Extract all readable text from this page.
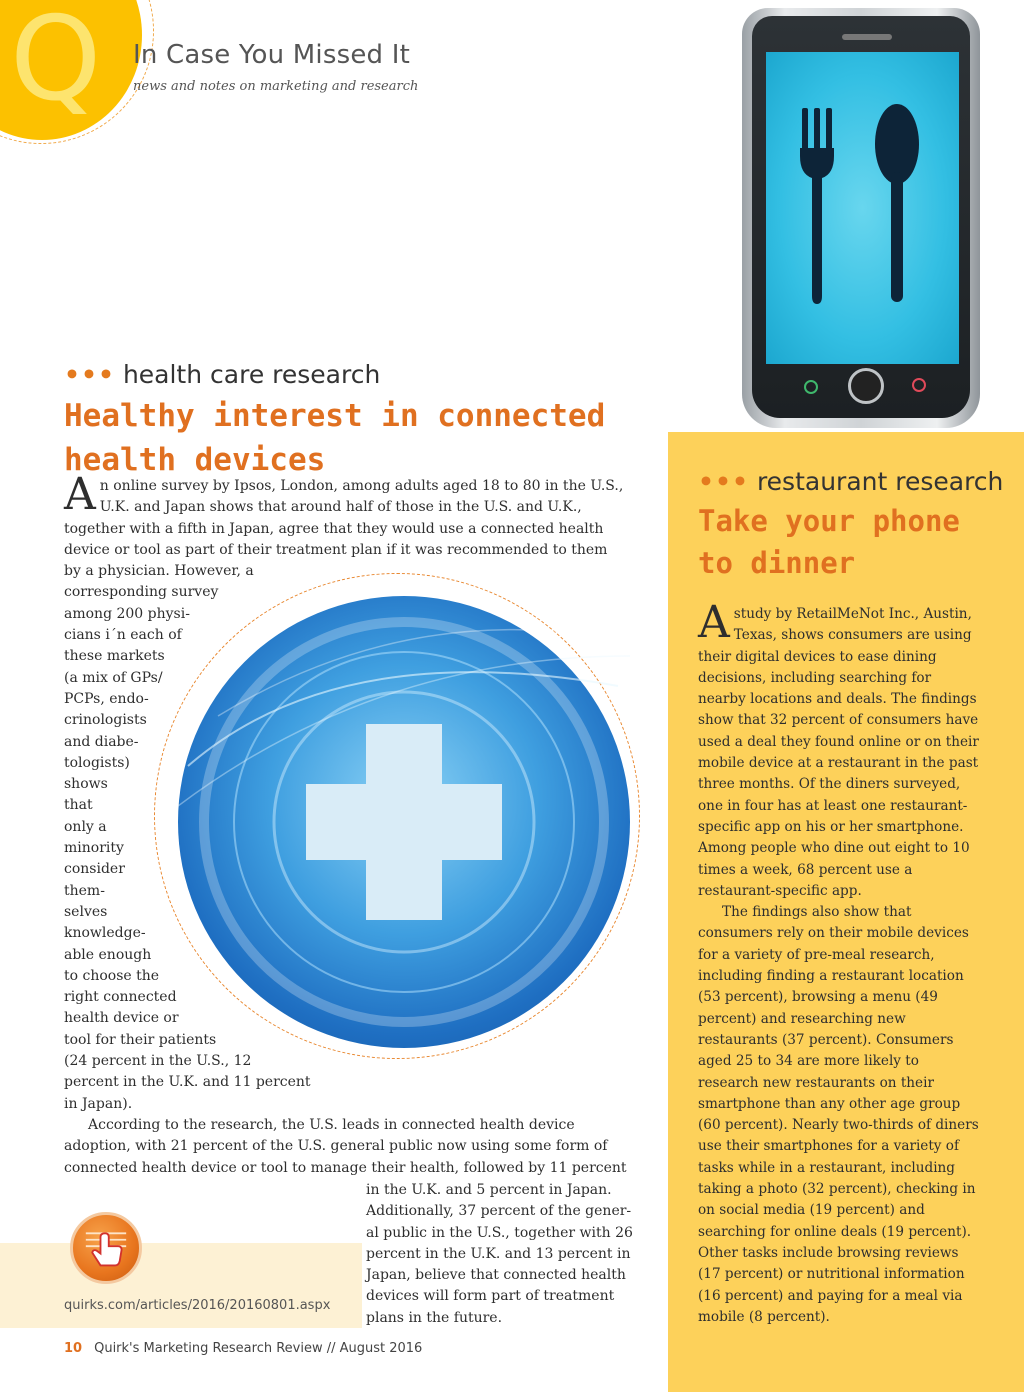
Q In Case You Missed It
news and notes on marketing and research
••• health care research
Healthy interest in connected
health devices
A n online survey by Ipsos, London, among adults aged 18 to 80 in the U.S.,
U.K. and Japan shows that around half of those in the U.S. and U.K.,
together with a fifth in Japan, agree that they would use a connected health
device or tool as part of their treatment plan if it was recommended to them
by a physician. However, a
corresponding survey
among 200 physi-
cians i´n each of
these markets
(a mix of GPs/
PCPs, endo-
crinologists
and diabe-
tologists)
shows
that
only a
minority
consider
them-
selves
knowledge-
able enough
to choose the
right connected
health device or
tool for their patients
(24 percent in the U.S., 12
percent in the U.K. and 11 percent
in Japan).
According to the research, the U.S. leads in connected health device
adoption, with 21 percent of the U.S. general public now using some form of
connected health device or tool to manage their health, followed by 11 percent
in the U.K. and 5 percent in Japan.
Additionally, 37 percent of the gener-
al public in the U.S., together with 26
percent in the U.K. and 13 percent in
Japan, believe that connected health
devices will form part of treatment
plans in the future.
quirks.com/articles/2016/20160801.aspx
••• restaurant research
Take your phone
to dinner

A study by RetailMeNot Inc., Austin, Texas, shows consumers are using their digital devices to ease dining decisions, including searching for nearby locations and deals. The findings show that 32 percent of consumers have used a deal they found online or on their mobile device at a restaurant in the past three months. Of the diners surveyed, one in four has at least one restaurant-specific app on his or her smartphone. Among people who dine out eight to 10 times a week, 68 percent use a restaurant-specific app.

The findings also show that consumers rely on their mobile devices for a variety of pre-meal research, including finding a restaurant location (53 percent), browsing a menu (49 percent) and researching new restaurants (37 percent). Consumers aged 25 to 34 are more likely to research new restaurants on their smartphone than any other age group (60 percent). Nearly two-thirds of diners use their smartphones for a variety of tasks while in a restaurant, including taking a photo (32 percent), checking in on social media (19 percent) and searching for online deals (19 percent). Other tasks include browsing reviews (17 percent) or nutritional information (16 percent) and paying for a meal via mobile (8 percent).

10 Quirk's Marketing Research Review // August 2016
